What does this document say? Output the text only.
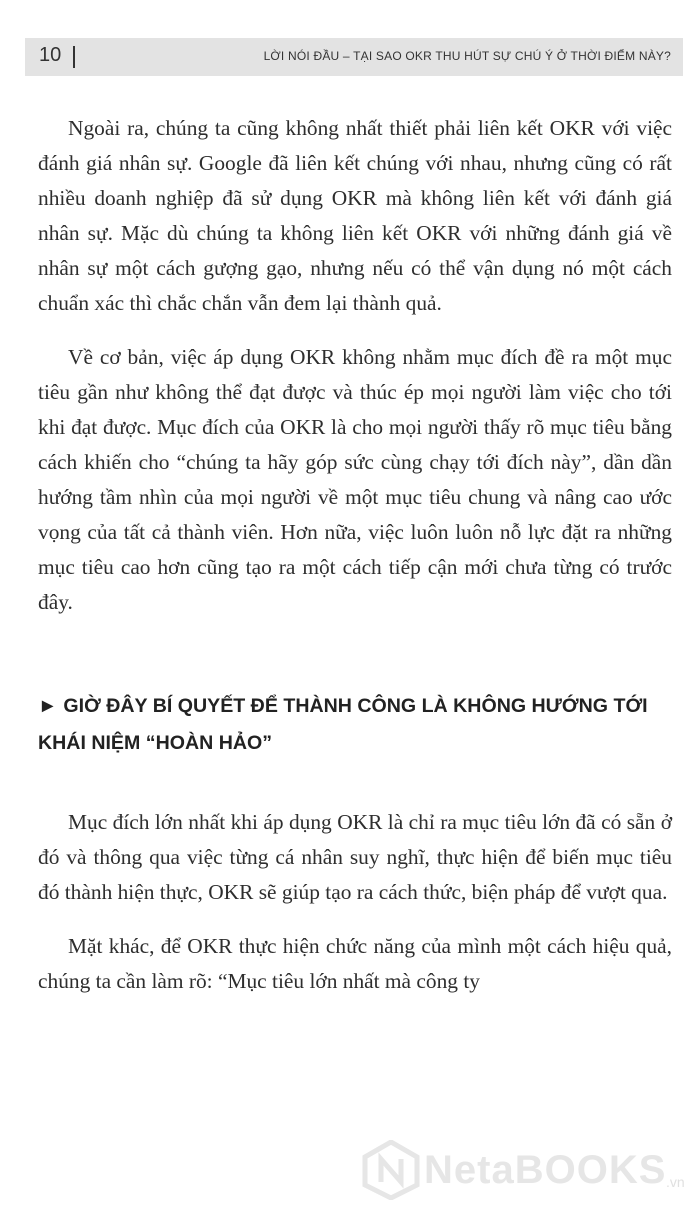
10	LỜI NÓI ĐẦU – TẠI SAO OKR THU HÚT SỰ CHÚ Ý Ở THỜI ĐIỂM NÀY?

Ngoài ra, chúng ta cũng không nhất thiết phải liên kết OKR với việc đánh giá nhân sự. Google đã liên kết chúng với nhau, nhưng cũng có rất nhiều doanh nghiệp đã sử dụng OKR mà không liên kết với đánh giá nhân sự. Mặc dù chúng ta không liên kết OKR với những đánh giá về nhân sự một cách gượng gạo, nhưng nếu có thể vận dụng nó một cách chuẩn xác thì chắc chắn vẫn đem lại thành quả.

Về cơ bản, việc áp dụng OKR không nhằm mục đích đề ra một mục tiêu gần như không thể đạt được và thúc ép mọi người làm việc cho tới khi đạt được. Mục đích của OKR là cho mọi người thấy rõ mục tiêu bằng cách khiến cho “chúng ta hãy góp sức cùng chạy tới đích này”, dần dần hướng tầm nhìn của mọi người về một mục tiêu chung và nâng cao ước vọng của tất cả thành viên. Hơn nữa, việc luôn luôn nỗ lực đặt ra những mục tiêu cao hơn cũng tạo ra một cách tiếp cận mới chưa từng có trước đây.

► GIỜ ĐÂY BÍ QUYẾT ĐỂ THÀNH CÔNG LÀ KHÔNG HƯỚNG TỚI KHÁI NIỆM “HOÀN HẢO”

Mục đích lớn nhất khi áp dụng OKR là chỉ ra mục tiêu lớn đã có sẵn ở đó và thông qua việc từng cá nhân suy nghĩ, thực hiện để biến mục tiêu đó thành hiện thực, OKR sẽ giúp tạo ra cách thức, biện pháp để vượt qua.

Mặt khác, để OKR thực hiện chức năng của mình một cách hiệu quả, chúng ta cần làm rõ: “Mục tiêu lớn nhất mà công ty

NetaBOOKS .vn
